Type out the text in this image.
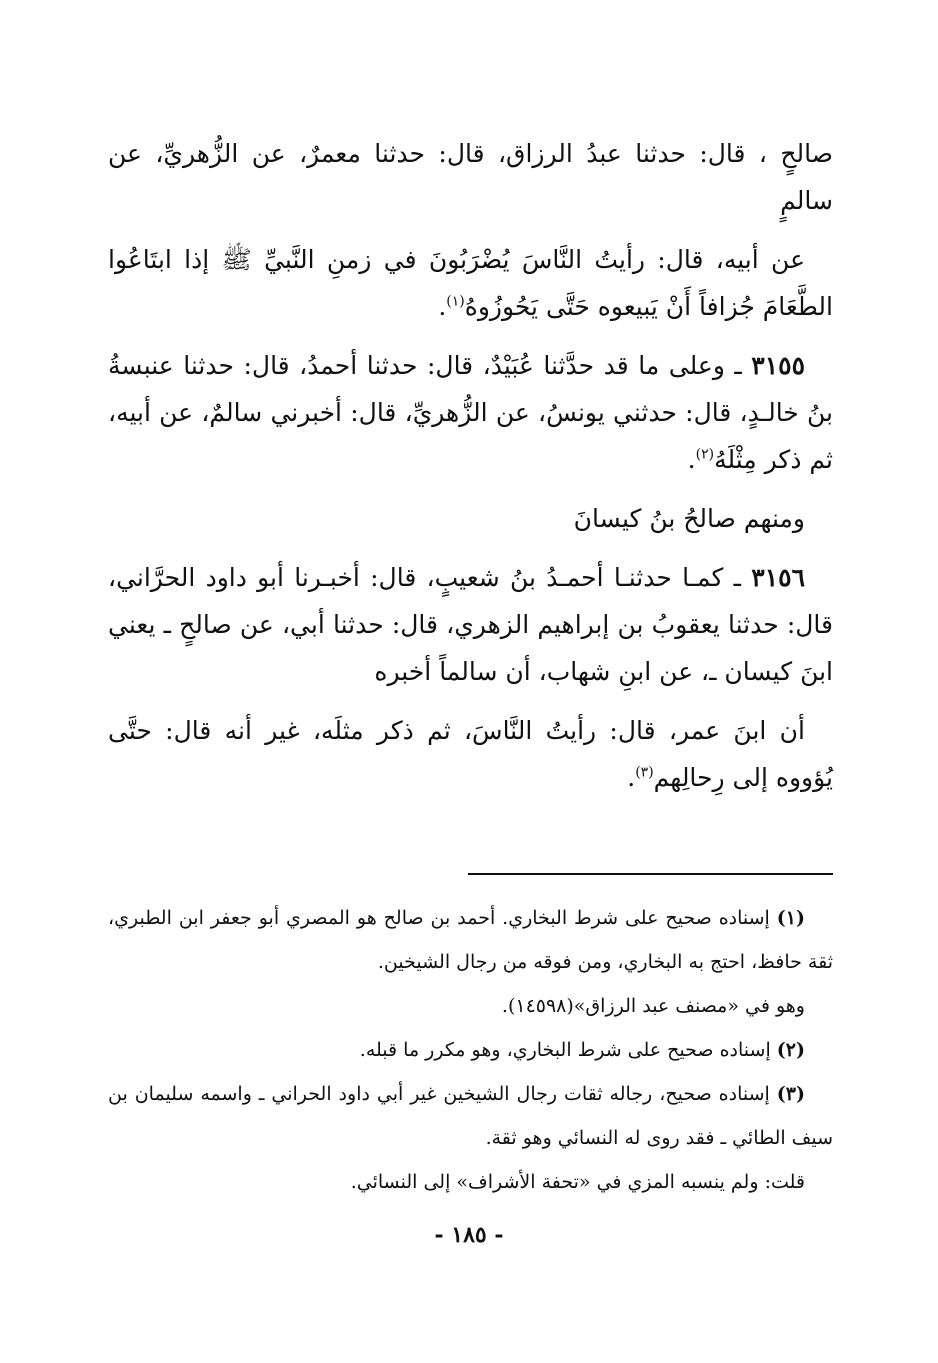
صالحٍ ، قال: حدثنا عبدُ الرزاق، قال: حدثنا معمرٌ، عن الزُّهريِّ، عن سالمٍ

عن أبيه، قال: رأيتُ النَّاسَ يُضْرَبُونَ في زمنِ النَّبيِّ ﷺ إذا ابتَاعُوا الطَّعَامَ جُزافاً أَنْ يَبيعوه حَتَّى يَحُوزُوهُ$^{(١)}$.

٣١٥٥ ـ وعلى ما قد حدَّثنا عُبَيْدٌ، قال: حدثنا أحمدُ، قال: حدثنا عنبسةُ بنُ خالـدٍ، قال: حدثني يونسُ، عن الزُّهريِّ، قال: أخبرني سالمٌ، عن أبيه، ثم ذكر مِثْلَهُ$^{(٢)}$.

ومنهم صالحُ بنُ كيسانَ

٣١٥٦ ـ كمـا حدثنـا أحمـدُ بنُ شعيبٍ، قال: أخبـرنا أبو داود الحرَّاني، قال: حدثنا يعقوبُ بن إبراهيم الزهري، قال: حدثنا أبي، عن صالحٍ ـ يعني ابنَ كيسان ـ، عن ابنِ شهاب، أن سالماً أخبره

أن ابنَ عمر، قال: رأيتُ النَّاسَ، ثم ذكر مثلَه، غير أنه قال: حتَّى يُؤووه إلى رِحالِهم$^{(٣)}$.

(١) إسناده صحيح على شرط البخاري. أحمد بن صالح هو المصري أبو جعفر ابن الطبري، ثقة حافظ، احتج به البخاري، ومن فوقه من رجال الشيخين.

وهو في «مصنف عبد الرزاق»(١٤٥٩٨).

(٢) إسناده صحيح على شرط البخاري، وهو مكرر ما قبله.

(٣) إسناده صحيح، رجاله ثقات رجال الشيخين غير أبي داود الحراني ـ واسمه سليمان بن سيف الطائي ـ فقد روى له النسائي وهو ثقة.

قلت: ولم ينسبه المزي في «تحفة الأشراف» إلى النسائي.

- ١٨٥ -
